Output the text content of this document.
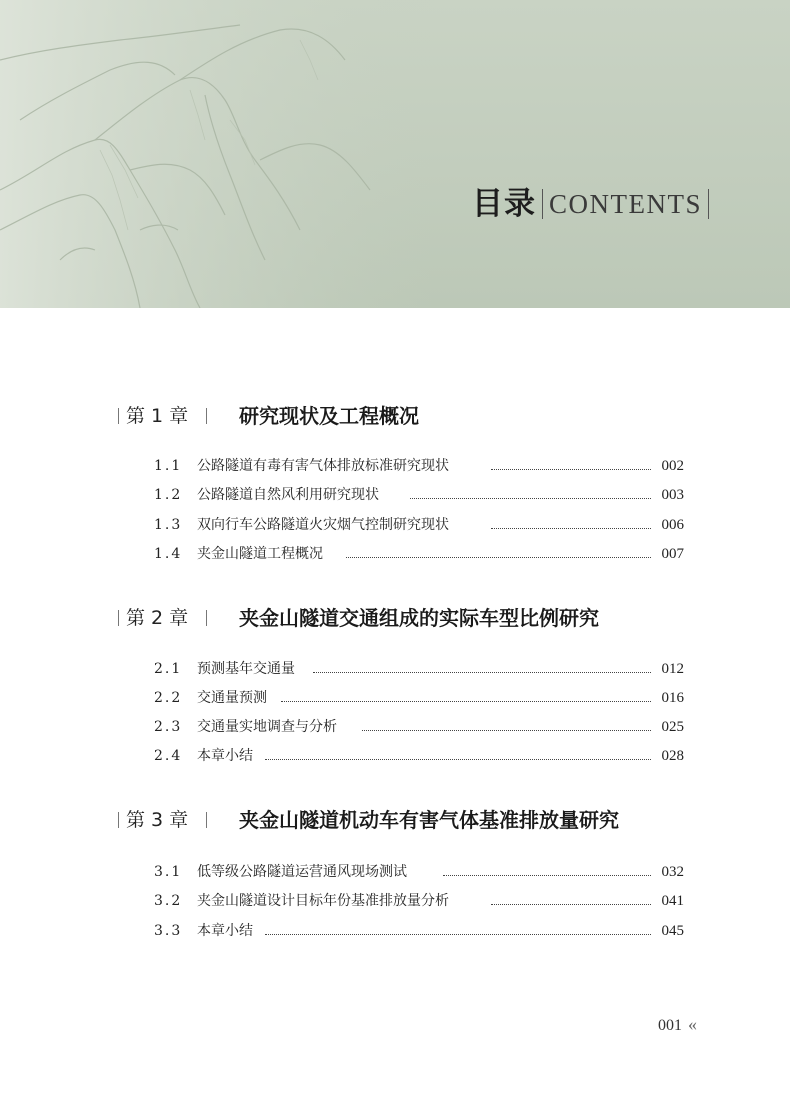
目录 CONTENTS
第 1 章	研究现状及工程概况
1.1 公路隧道有毒有害气体排放标准研究现状	002
1.2 公路隧道自然风利用研究现状	003
1.3 双向行车公路隧道火灾烟气控制研究现状	006
1.4 夹金山隧道工程概况	007
第 2 章	夹金山隧道交通组成的实际车型比例研究
2.1 预测基年交通量	012
2.2 交通量预测	016
2.3 交通量实地调查与分析	025
2.4 本章小结	028
第 3 章	夹金山隧道机动车有害气体基准排放量研究
3.1 低等级公路隧道运营通风现场测试	032
3.2 夹金山隧道设计目标年份基准排放量分析	041
3.3 本章小结	045
001 «
